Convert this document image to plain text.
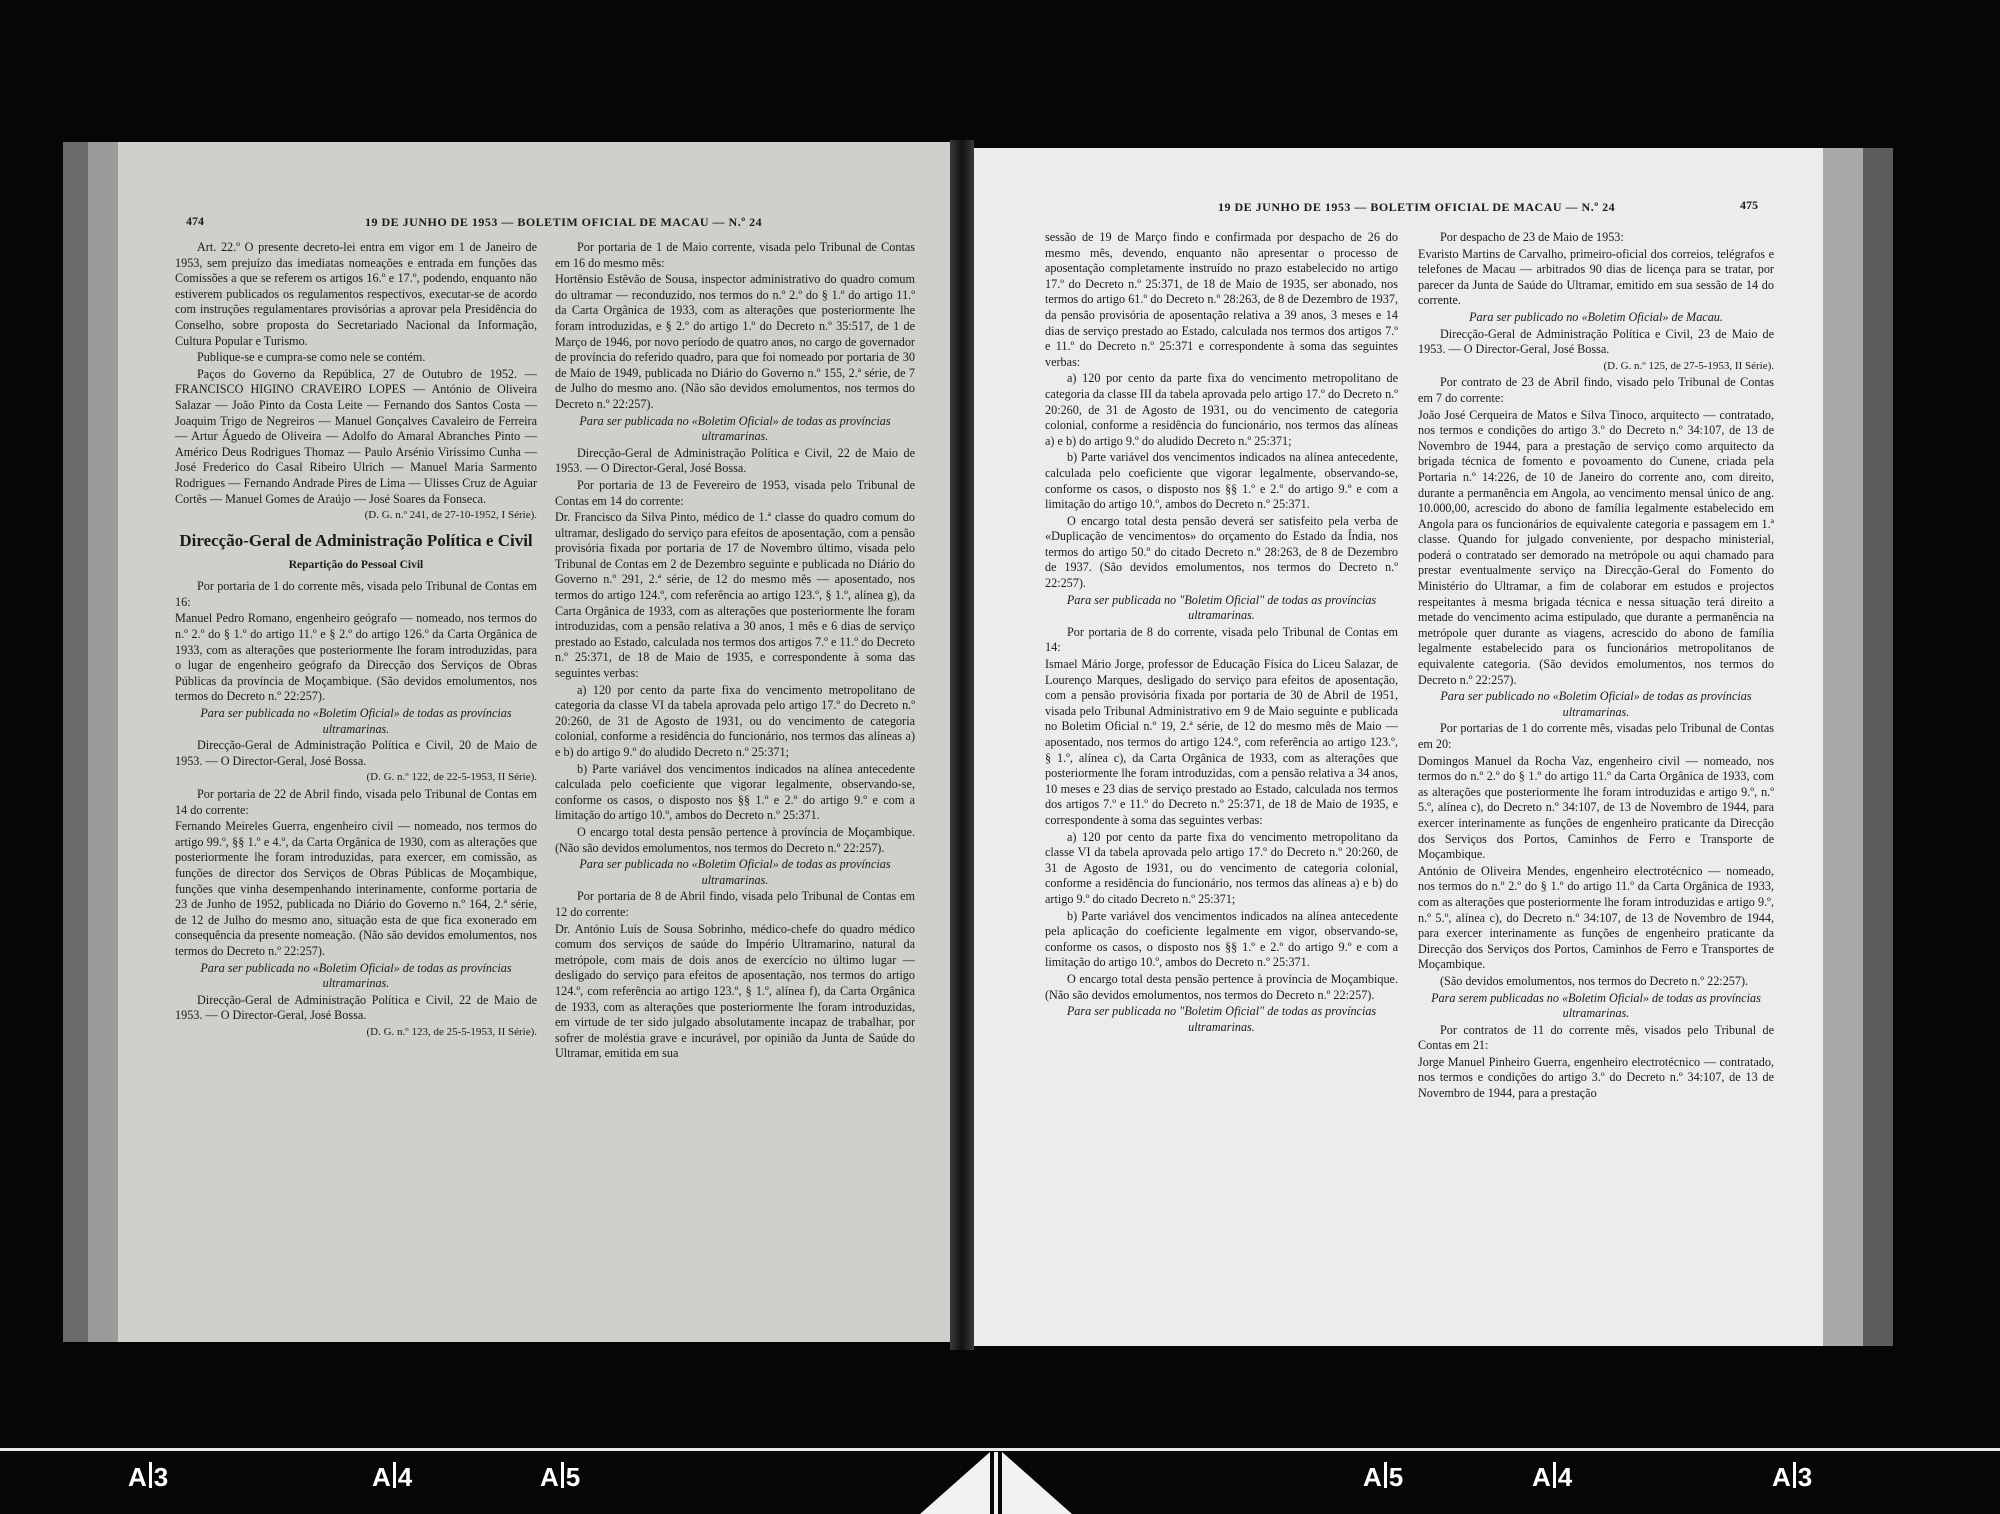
474	19 DE JUNHO DE 1953 — BOLETIM OFICIAL DE MACAU — N.º 24

Art. 22.º O presente decreto-lei entra em vigor em 1 de Janeiro de 1953, sem prejuízo das imediatas nomeações e entrada em funções das Comissões a que se referem os artigos 16.º e 17.º, podendo, enquanto não estiverem publicados os regulamentos respectivos, executar-se de acordo com instruções regulamentares provisórias a aprovar pela Presidência do Conselho, sobre proposta do Secretariado Nacional da Informação, Cultura Popular e Turismo.

Publique-se e cumpra-se como nele se contém.

Paços do Governo da República, 27 de Outubro de 1952. — FRANCISCO HIGINO CRAVEIRO LOPES — António de Oliveira Salazar — João Pinto da Costa Leite — Fernando dos Santos Costa — Joaquim Trigo de Negreiros — Manuel Gonçalves Cavaleiro de Ferreira — Artur Águedo de Oliveira — Adolfo do Amaral Abranches Pinto — Américo Deus Rodrigues Thomaz — Paulo Arsénio Viríssimo Cunha — José Frederico do Casal Ribeiro Ulrich — Manuel Maria Sarmento Rodrigues — Fernando Andrade Pires de Lima — Ulisses Cruz de Aguiar Cortês — Manuel Gomes de Araújo — José Soares da Fonseca.

(D. G. n.º 241, de 27-10-1952, I Série).

Direcção-Geral de Administração Política e Civil
Repartição do Pessoal Civil

Por portaria de 1 do corrente mês, visada pelo Tribunal de Contas em 16:

Manuel Pedro Romano, engenheiro geógrafo — nomeado, nos termos do n.º 2.º do § 1.º do artigo 11.º e § 2.º do artigo 126.º da Carta Orgânica de 1933, com as alterações que posteriormente lhe foram introduzidas, para o lugar de engenheiro geógrafo da Direcção dos Serviços de Obras Públicas da província de Moçambique. (São devidos emolumentos, nos termos do Decreto n.º 22:257).

Para ser publicada no «Boletim Oficial» de todas as províncias ultramarinas.

Direcção-Geral de Administração Política e Civil, 20 de Maio de 1953. — O Director-Geral, José Bossa.

(D. G. n.º 122, de 22-5-1953, II Série).

Por portaria de 22 de Abril findo, visada pelo Tribunal de Contas em 14 do corrente:

Fernando Meireles Guerra, engenheiro civil — nomeado, nos termos do artigo 99.º, §§ 1.º e 4.º, da Carta Orgânica de 1930, com as alterações que posteriormente lhe foram introduzidas, para exercer, em comissão, as funções de director dos Serviços de Obras Públicas de Moçambique, funções que vinha desempenhando interinamente, conforme portaria de 23 de Junho de 1952, publicada no Diário do Governo n.º 164, 2.ª série, de 12 de Julho do mesmo ano, situação esta de que fica exonerado em consequência da presente nomeação. (Não são devidos emolumentos, nos termos do Decreto n.º 22:257).

Para ser publicada no «Boletim Oficial» de todas as províncias ultramarinas.

Direcção-Geral de Administração Política e Civil, 22 de Maio de 1953. — O Director-Geral, José Bossa.

(D. G. n.º 123, de 25-5-1953, II Série).

Por portaria de 1 de Maio corrente, visada pelo Tribunal de Contas em 16 do mesmo mês:

Hortênsio Estêvão de Sousa, inspector administrativo do quadro comum do ultramar — reconduzido, nos termos do n.º 2.º do § 1.º do artigo 11.º da Carta Orgânica de 1933, com as alterações que posteriormente lhe foram introduzidas, e § 2.º do artigo 1.º do Decreto n.º 35:517, de 1 de Março de 1946, por novo período de quatro anos, no cargo de governador de província do referido quadro, para que foi nomeado por portaria de 30 de Maio de 1949, publicada no Diário do Governo n.º 155, 2.ª série, de 7 de Julho do mesmo ano. (Não são devidos emolumentos, nos termos do Decreto n.º 22:257).

Para ser publicada no «Boletim Oficial» de todas as províncias ultramarinas.

Direcção-Geral de Administração Política e Civil, 22 de Maio de 1953. — O Director-Geral, José Bossa.

Por portaria de 13 de Fevereiro de 1953, visada pelo Tribunal de Contas em 14 do corrente:

Dr. Francisco da Silva Pinto, médico de 1.ª classe do quadro comum do ultramar, desligado do serviço para efeitos de aposentação, com a pensão provisória fixada por portaria de 17 de Novembro último, visada pelo Tribunal de Contas em 2 de Dezembro seguinte e publicada no Diário do Governo n.º 291, 2.ª série, de 12 do mesmo mês — aposentado, nos termos do artigo 124.º, com referência ao artigo 123.º, § 1.º, alínea g), da Carta Orgânica de 1933, com as alterações que posteriormente lhe foram introduzidas, com a pensão relativa a 30 anos, 1 mês e 6 dias de serviço prestado ao Estado, calculada nos termos dos artigos 7.º e 11.º do Decreto n.º 25:371, de 18 de Maio de 1935, e correspondente à soma das seguintes verbas:

a) 120 por cento da parte fixa do vencimento metropolitano de categoria da classe VI da tabela aprovada pelo artigo 17.º do Decreto n.º 20:260, de 31 de Agosto de 1931, ou do vencimento de categoria colonial, conforme a residência do funcionário, nos termos das alíneas a) e b) do artigo 9.º do aludido Decreto n.º 25:371;

b) Parte variável dos vencimentos indicados na alínea antecedente calculada pelo coeficiente que vigorar legalmente, observando-se, conforme os casos, o disposto nos §§ 1.º e 2.º do artigo 9.º e com a limitação do artigo 10.º, ambos do Decreto n.º 25:371.

O encargo total desta pensão pertence à província de Moçambique. (Não são devidos emolumentos, nos termos do Decreto n.º 22:257).

Para ser publicada no «Boletim Oficial» de todas as províncias ultramarinas.

Por portaria de 8 de Abril findo, visada pelo Tribunal de Contas em 12 do corrente:

Dr. António Luís de Sousa Sobrinho, médico-chefe do quadro médico comum dos serviços de saúde do Império Ultramarino, natural da metrópole, com mais de dois anos de exercício no último lugar — desligado do serviço para efeitos de aposentação, nos termos do artigo 124.º, com referência ao artigo 123.º, § 1.º, alínea f), da Carta Orgânica de 1933, com as alterações que posteriormente lhe foram introduzidas, em virtude de ter sido julgado absolutamente incapaz de trabalhar, por sofrer de moléstia grave e incurável, por opinião da Junta de Saúde do Ultramar, emitida em sua

19 DE JUNHO DE 1953 — BOLETIM OFICIAL DE MACAU — N.º 24	475

sessão de 19 de Março findo e confirmada por despacho de 26 do mesmo mês, devendo, enquanto não apresentar o processo de aposentação completamente instruído no prazo estabelecido no artigo 17.º do Decreto n.º 25:371, de 18 de Maio de 1935, ser abonado, nos termos do artigo 61.º do Decreto n.º 28:263, de 8 de Dezembro de 1937, da pensão provisória de aposentação relativa a 39 anos, 3 meses e 14 dias de serviço prestado ao Estado, calculada nos termos dos artigos 7.º e 11.º do Decreto n.º 25:371 e correspondente à soma das seguintes verbas:

a) 120 por cento da parte fixa do vencimento metropolitano de categoria da classe III da tabela aprovada pelo artigo 17.º do Decreto n.º 20:260, de 31 de Agosto de 1931, ou do vencimento de categoria colonial, conforme a residência do funcionário, nos termos das alíneas a) e b) do artigo 9.º do aludido Decreto n.º 25:371;

b) Parte variável dos vencimentos indicados na alínea antecedente, calculada pelo coeficiente que vigorar legalmente, observando-se, conforme os casos, o disposto nos §§ 1.º e 2.º do artigo 9.º e com a limitação do artigo 10.º, ambos do Decreto n.º 25:371.

O encargo total desta pensão deverá ser satisfeito pela verba de «Duplicação de vencimentos» do orçamento do Estado da Índia, nos termos do artigo 50.º do citado Decreto n.º 28:263, de 8 de Dezembro de 1937. (São devidos emolumentos, nos termos do Decreto n.º 22:257).

Para ser publicada no "Boletim Oficial" de todas as províncias ultramarinas.

Por portaria de 8 do corrente, visada pelo Tribunal de Contas em 14:

Ismael Mário Jorge, professor de Educação Física do Liceu Salazar, de Lourenço Marques, desligado do serviço para efeitos de aposentação, com a pensão provisória fixada por portaria de 30 de Abril de 1951, visada pelo Tribunal Administrativo em 9 de Maio seguinte e publicada no Boletim Oficial n.º 19, 2.ª série, de 12 do mesmo mês de Maio — aposentado, nos termos do artigo 124.º, com referência ao artigo 123.º, § 1.º, alínea c), da Carta Orgânica de 1933, com as alterações que posteriormente lhe foram introduzidas, com a pensão relativa a 34 anos, 10 meses e 23 dias de serviço prestado ao Estado, calculada nos termos dos artigos 7.º e 11.º do Decreto n.º 25:371, de 18 de Maio de 1935, e correspondente à soma das seguintes verbas:

a) 120 por cento da parte fixa do vencimento metropolitano da classe VI da tabela aprovada pelo artigo 17.º do Decreto n.º 20:260, de 31 de Agosto de 1931, ou do vencimento de categoria colonial, conforme a residência do funcionário, nos termos das alíneas a) e b) do artigo 9.º do citado Decreto n.º 25:371;

b) Parte variável dos vencimentos indicados na alínea antecedente pela aplicação do coeficiente legalmente em vigor, observando-se, conforme os casos, o disposto nos §§ 1.º e 2.º do artigo 9.º e com a limitação do artigo 10.º, ambos do Decreto n.º 25:371.

O encargo total desta pensão pertence à província de Moçambique. (Não são devidos emolumentos, nos termos do Decreto n.º 22:257).

Para ser publicada no "Boletim Oficial" de todas as províncias ultramarinas.

Por despacho de 23 de Maio de 1953:

Evaristo Martins de Carvalho, primeiro-oficial dos correios, telégrafos e telefones de Macau — arbitrados 90 dias de licença para se tratar, por parecer da Junta de Saúde do Ultramar, emitido em sua sessão de 14 do corrente.

Para ser publicado no «Boletim Oficial» de Macau.

Direcção-Geral de Administração Política e Civil, 23 de Maio de 1953. — O Director-Geral, José Bossa.

(D. G. n.º 125, de 27-5-1953, II Série).

Por contrato de 23 de Abril findo, visado pelo Tribunal de Contas em 7 do corrente:

João José Cerqueira de Matos e Silva Tinoco, arquitecto — contratado, nos termos e condições do artigo 3.º do Decreto n.º 34:107, de 13 de Novembro de 1944, para a prestação de serviço como arquitecto da brigada técnica de fomento e povoamento do Cunene, criada pela Portaria n.º 14:226, de 10 de Janeiro do corrente ano, com direito, durante a permanência em Angola, ao vencimento mensal único de ang. 10.000,00, acrescido do abono de família legalmente estabelecido em Angola para os funcionários de equivalente categoria e passagem em 1.ª classe. Quando for julgado conveniente, por despacho ministerial, poderá o contratado ser demorado na metrópole ou aqui chamado para prestar eventualmente serviço na Direcção-Geral do Fomento do Ministério do Ultramar, a fim de colaborar em estudos e projectos respeitantes à mesma brigada técnica e nessa situação terá direito a metade do vencimento acima estipulado, que durante a permanência na metrópole quer durante as viagens, acrescido do abono de família legalmente estabelecido para os funcionários metropolitanos de equivalente categoria. (São devidos emolumentos, nos termos do Decreto n.º 22:257).

Para ser publicado no «Boletim Oficial» de todas as províncias ultramarinas.

Por portarias de 1 do corrente mês, visadas pelo Tribunal de Contas em 20:

Domingos Manuel da Rocha Vaz, engenheiro civil — nomeado, nos termos do n.º 2.º do § 1.º do artigo 11.º da Carta Orgânica de 1933, com as alterações que posteriormente lhe foram introduzidas e artigo 9.º, n.º 5.º, alínea c), do Decreto n.º 34:107, de 13 de Novembro de 1944, para exercer interinamente as funções de engenheiro praticante da Direcção dos Serviços dos Portos, Caminhos de Ferro e Transporte de Moçambique.

António de Oliveira Mendes, engenheiro electrotécnico — nomeado, nos termos do n.º 2.º do § 1.º do artigo 11.º da Carta Orgânica de 1933, com as alterações que posteriormente lhe foram introduzidas e artigo 9.º, n.º 5.º, alínea c), do Decreto n.º 34:107, de 13 de Novembro de 1944, para exercer interinamente as funções de engenheiro praticante da Direcção dos Serviços dos Portos, Caminhos de Ferro e Transportes de Moçambique.

(São devidos emolumentos, nos termos do Decreto n.º 22:257).

Para serem publicadas no «Boletim Oficial» de todas as províncias ultramarinas.

Por contratos de 11 do corrente mês, visados pelo Tribunal de Contas em 21:

Jorge Manuel Pinheiro Guerra, engenheiro electrotécnico — contratado, nos termos e condições do artigo 3.º do Decreto n.º 34:107, de 13 de Novembro de 1944, para a prestação

A 3	A 4	A 5	A 5	A 4	A 3
